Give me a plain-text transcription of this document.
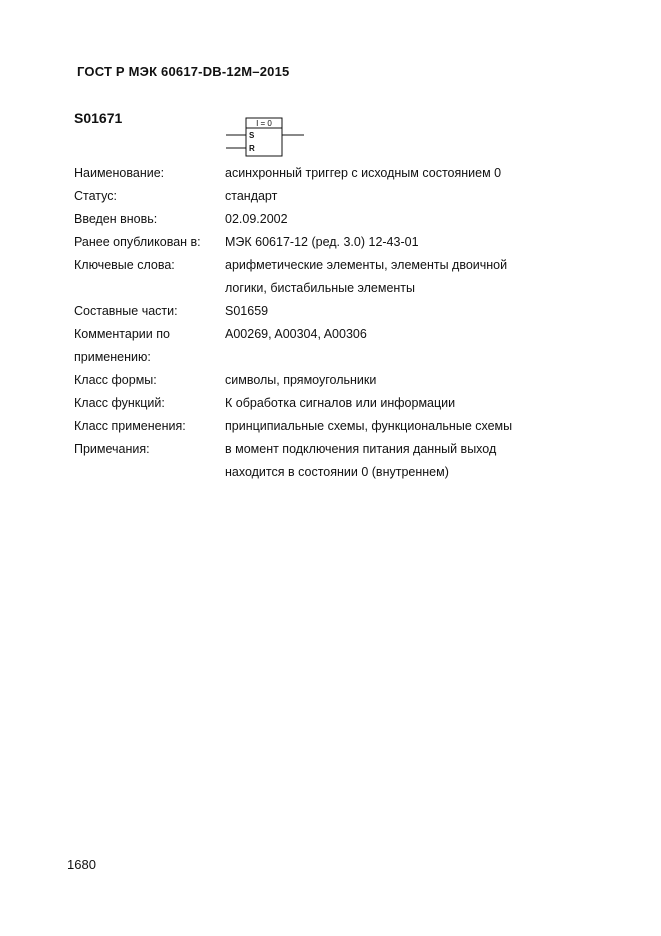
ГОСТ Р МЭК 60617-DB-12M–2015
S01671	I = 0
S
R
Наименование:	асинхронный триггер с исходным состоянием 0
Статус:	стандарт
Введен вновь:	02.09.2002
Ранее опубликован в:	МЭК 60617-12 (ред. 3.0) 12-43-01
Ключевые слова:	арифметические элементы, элементы двоичной
логики, бистабильные элементы
Составные части:	S01659
Комментарии по применению:
A00269, A00304, A00306
Класс формы:	символы, прямоугольники
Класс функций:	К обработка сигналов или информации
Класс применения:	принципиальные схемы, функциональные схемы
Примечания:	в момент подключения питания данный выход
находится в состоянии 0 (внутреннем)
1680
